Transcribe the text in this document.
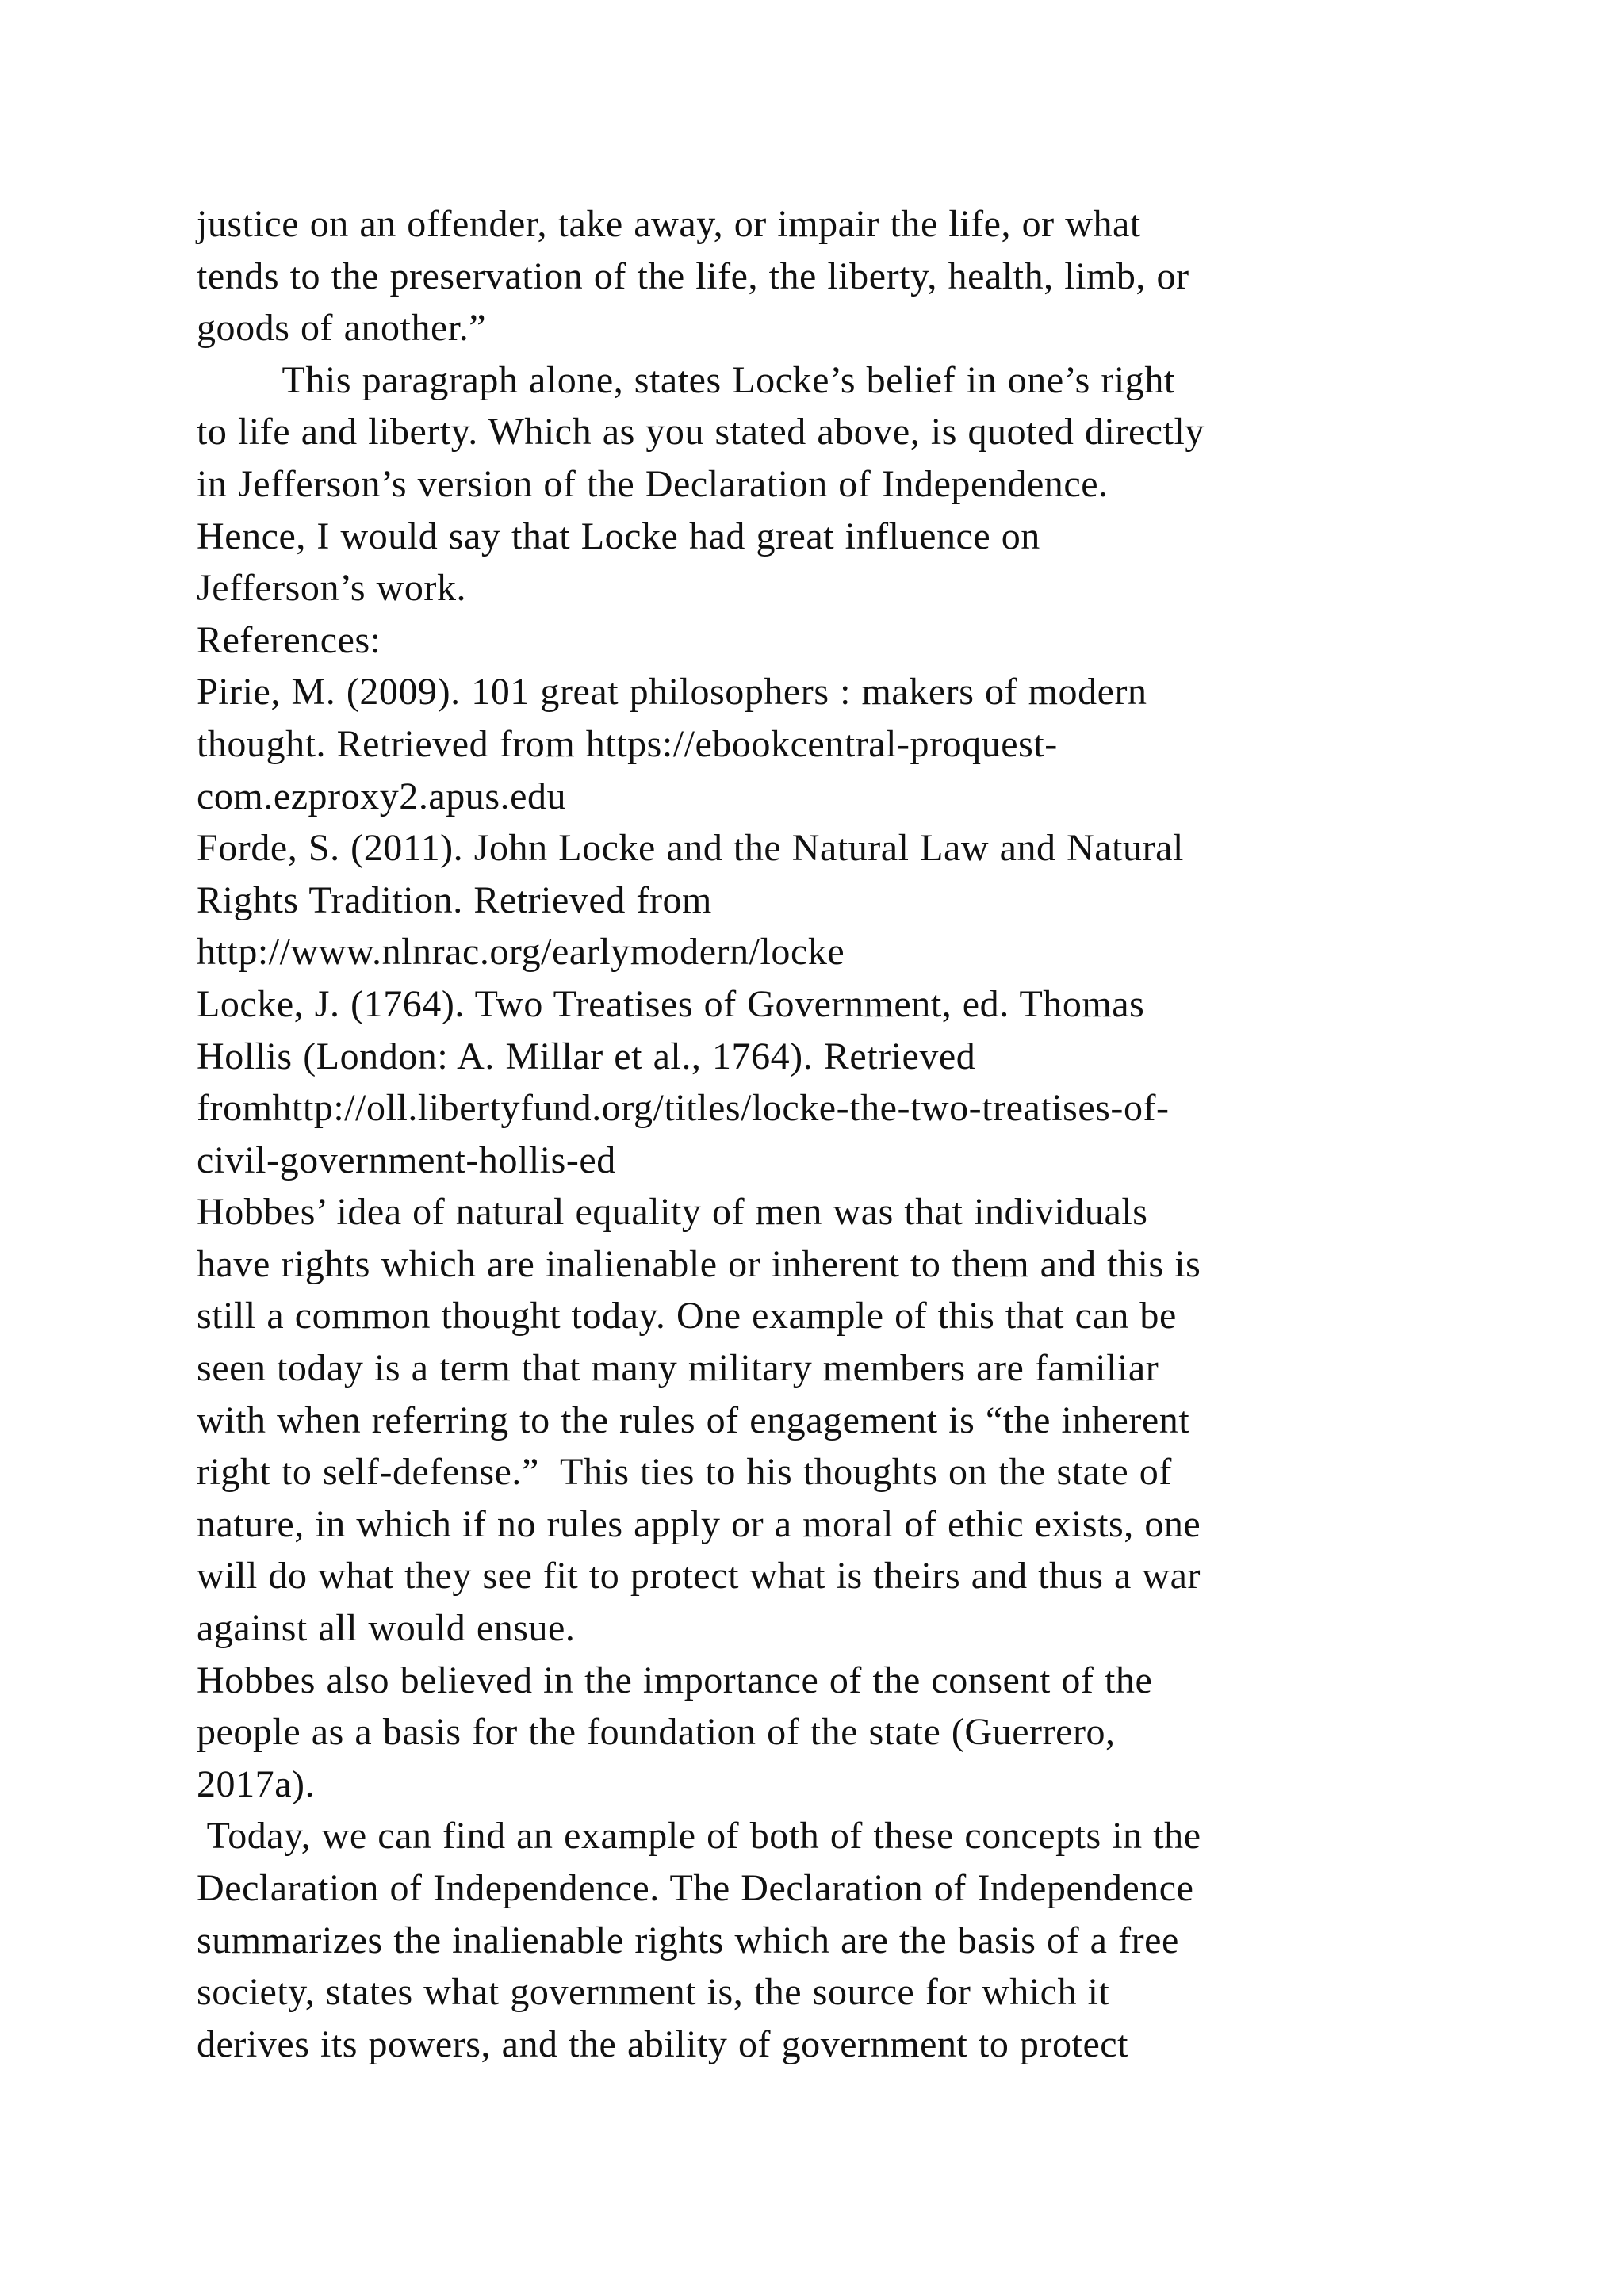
justice on an offender, take away, or impair the life, or what
tends to the preservation of the life, the liberty, health, limb, or
goods of another.”
This paragraph alone, states Locke’s belief in one’s right
to life and liberty. Which as you stated above, is quoted directly
in Jefferson’s version of the Declaration of Independence.
Hence, I would say that Locke had great influence on
Jefferson’s work.
References:
Pirie, M. (2009). 101 great philosophers : makers of modern
thought. Retrieved from https://ebookcentral-proquest-
com.ezproxy2.apus.edu
Forde, S. (2011). John Locke and the Natural Law and Natural
Rights Tradition. Retrieved from
http://www.nlnrac.org/earlymodern/locke
Locke, J. (1764). Two Treatises of Government, ed. Thomas
Hollis (London: A. Millar et al., 1764). Retrieved
fromhttp://oll.libertyfund.org/titles/locke-the-two-treatises-of-
civil-government-hollis-ed
Hobbes’ idea of natural equality of men was that individuals
have rights which are inalienable or inherent to them and this is
still a common thought today. One example of this that can be
seen today is a term that many military members are familiar
with when referring to the rules of engagement is “the inherent
right to self-defense.”  This ties to his thoughts on the state of
nature, in which if no rules apply or a moral of ethic exists, one
will do what they see fit to protect what is theirs and thus a war
against all would ensue.
Hobbes also believed in the importance of the consent of the
people as a basis for the foundation of the state (Guerrero,
2017a).
Today, we can find an example of both of these concepts in the
Declaration of Independence. The Declaration of Independence
summarizes the inalienable rights which are the basis of a free
society, states what government is, the source for which it
derives its powers, and the ability of government to protect
